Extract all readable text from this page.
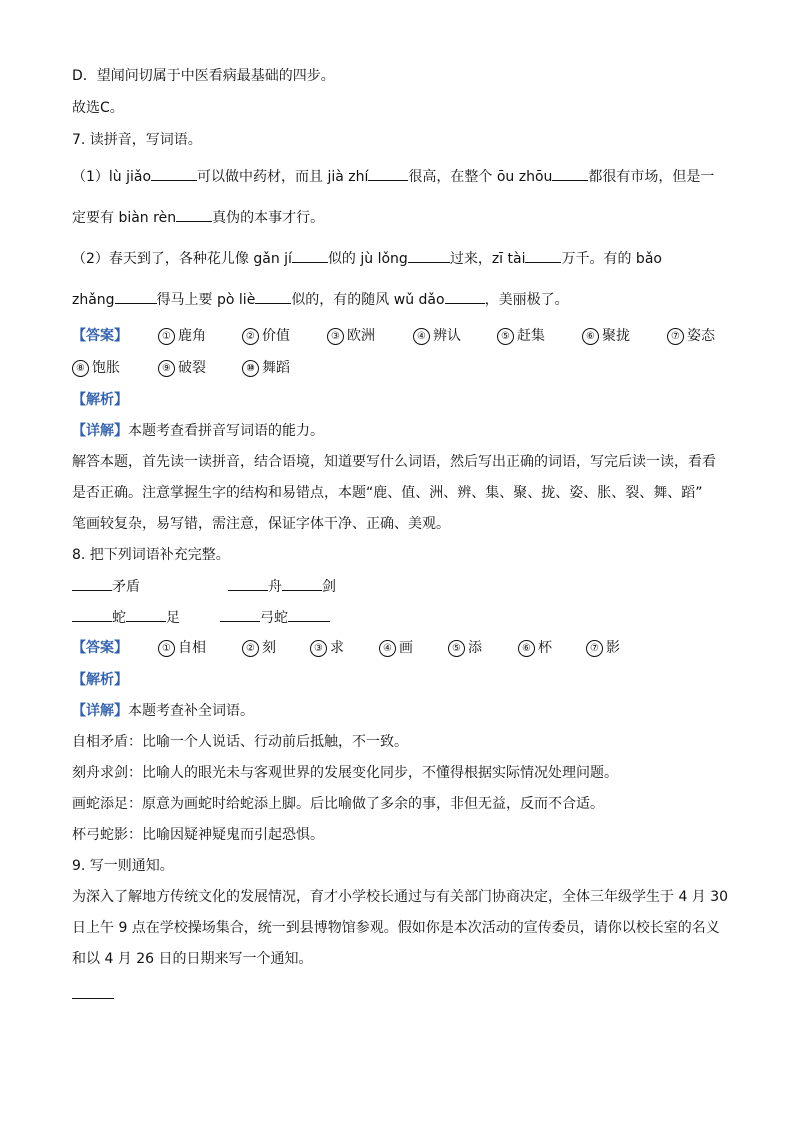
D．望闻问切属于中医看病最基础的四步。
故选C。
7. 读拼音，写词语。
（1）lù jiǎo	可以做中药材，而且 jià zhí	很高，在整个 ōu zhōu	都很有市场，但是一
定要有 biàn rèn	真伪的本事才行。
（2）春天到了，各种花儿像 gǎn jí	似的 jù lǒng	过来，zī tài	万千。有的 bǎo
zhǎng	得马上要 pò liè	似的，有的随风 wǔ dǎo	，美丽极了。
【答案】	① 鹿角	② 价值	③ 欧洲	④ 辨认	⑤ 赶集	⑥ 聚拢	⑦ 姿态
⑧ 饱胀	⑨ 破裂	⑩ 舞蹈
【解析】
【详解】本题考查看拼音写词语的能力。
解答本题，首先读一读拼音，结合语境，知道要写什么词语，然后写出正确的词语，写完后读一读，看看
是否正确。注意掌握生字的结构和易错点，本题“鹿、值、洲、辨、集、聚、拢、姿、胀、裂、舞、蹈”
笔画较复杂，易写错，需注意，保证字体干净、正确、美观。
8. 把下列词语补充完整。
矛盾	舟	剑
蛇	足	弓蛇
【答案】	① 自相	② 刻	③ 求	④ 画	⑤ 添	⑥ 杯	⑦ 影
【解析】
【详解】本题考查补全词语。
自相矛盾：比喻一个人说话、行动前后抵触，不一致。
刻舟求剑：比喻人的眼光未与客观世界的发展变化同步，不懂得根据实际情况处理问题。
画蛇添足：原意为画蛇时给蛇添上脚。后比喻做了多余的事，非但无益，反而不合适。
杯弓蛇影：比喻因疑神疑鬼而引起恐惧。
9. 写一则通知。
为深入了解地方传统文化的发展情况，育才小学校长通过与有关部门协商决定，全体三年级学生于 4 月 30
日上午 9 点在学校操场集合，统一到县博物馆参观。假如你是本次活动的宣传委员，请你以校长室的名义
和以 4 月 26 日的日期来写一个通知。
